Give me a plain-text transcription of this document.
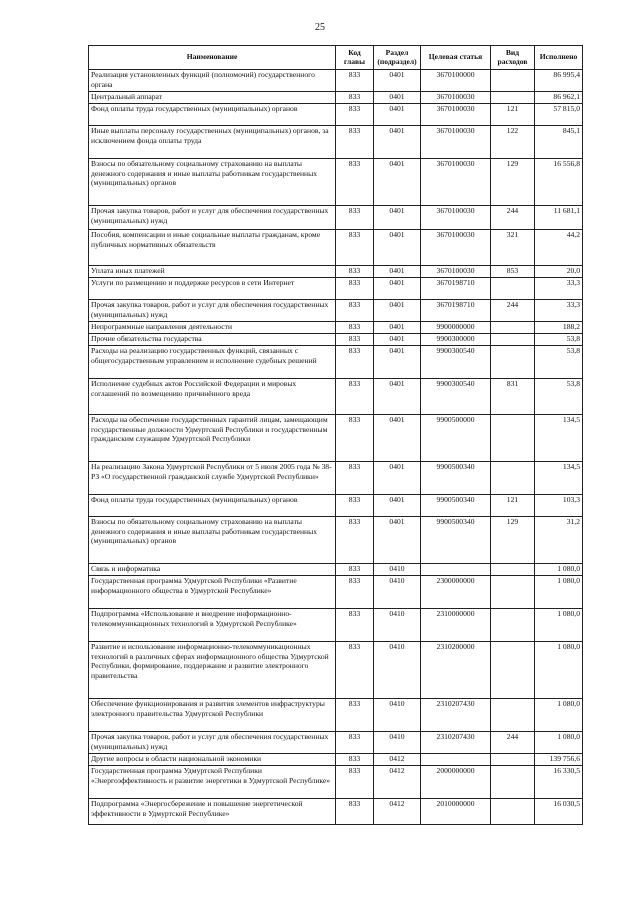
25
Наименование	Код главы	Раздел (подраздел)	Целевая статья	Вид расходов	Исполнено
Реализация установленных функций (полномочий) государственного органа	833	0401	3670100000		86 995,4
Центральный аппарат	833	0401	3670100030		86 962,1
Фонд оплаты труда государственных (муниципальных) органов	833	0401	3670100030	121	57 815,0
Иные выплаты персоналу государственных (муниципальных) органов, за исключением фонда оплаты труда	833	0401	3670100030	122	845,1
Взносы по обязательному социальному страхованию на выплаты денежного содержания и иные выплаты работникам государственных (муниципальных) органов	833	0401	3670100030	129	16 556,8
Прочая закупка товаров, работ и услуг для обеспечения государственных (муниципальных) нужд	833	0401	3670100030	244	11 681,1
Пособия, компенсации и иные социальные выплаты гражданам, кроме публичных нормативных обязательств	833	0401	3670100030	321	44,2
Уплата иных платежей	833	0401	3670100030	853	20,0
Услуги по размещению и поддержке ресурсов в сети Интернет	833	0401	3670198710		33,3
Прочая закупка товаров, работ и услуг для обеспечения государственных (муниципальных) нужд	833	0401	3670198710	244	33,3
Непрограммные направления деятельности	833	0401	9900000000		188,2
Прочие обязательства государства	833	0401	9900300000		53,8
Расходы на реализацию государственных функций, связанных с общегосударственным управлением и исполнение судебных решений	833	0401	9900300540		53,8
Исполнение судебных актов Российской Федерации и мировых соглашений по возмещению причинённого вреда	833	0401	9900300540	831	53,8
Расходы на обеспечение государственных гарантий лицам, замещающим государственные должности Удмуртской Республики и государственным гражданским служащим Удмуртской Республики	833	0401	9900500000		134,5
На реализацию Закона Удмуртской Республики от 5 июля 2005 года № 38-РЗ «О государственной гражданской службе Удмуртской Республики»	833	0401	9900500340		134,5
Фонд оплаты труда государственных (муниципальных) органов	833	0401	9900500340	121	103,3
Взносы по обязательному социальному страхованию на выплаты денежного содержания и иные выплаты работникам государственных (муниципальных) органов	833	0401	9900500340	129	31,2
Связь и информатика	833	0410			1 080,0
Государственная программа Удмуртской Республики «Развитие информационного общества в Удмуртской Республике»	833	0410	2300000000		1 080,0
Подпрограмма «Использование и внедрение информационно-телекоммуникационных технологий в Удмуртской Республике»	833	0410	2310000000		1 080,0
Развитие и использование информационно-телекоммуникационных технологий в различных сферах информационного общества Удмуртской Республики, формирование, поддержание и развитие электронного правительства	833	0410	2310200000		1 080,0
Обеспечение функционирования и развития элементов инфраструктуры электронного правительства Удмуртской Республики	833	0410	2310207430		1 080,0
Прочая закупка товаров, работ и услуг для обеспечения государственных (муниципальных) нужд	833	0410	2310207430	244	1 080,0
Другие вопросы в области национальной экономики	833	0412			139 756,6
Государственная программа Удмуртской Республики «Энергоэффективность и развитие энергетики в Удмуртской Республике»	833	0412	2000000000		16 330,5
Подпрограмма «Энергосбережение и повышение энергетической эффективности в Удмуртской Республике»	833	0412	2010000000		16 030,5
